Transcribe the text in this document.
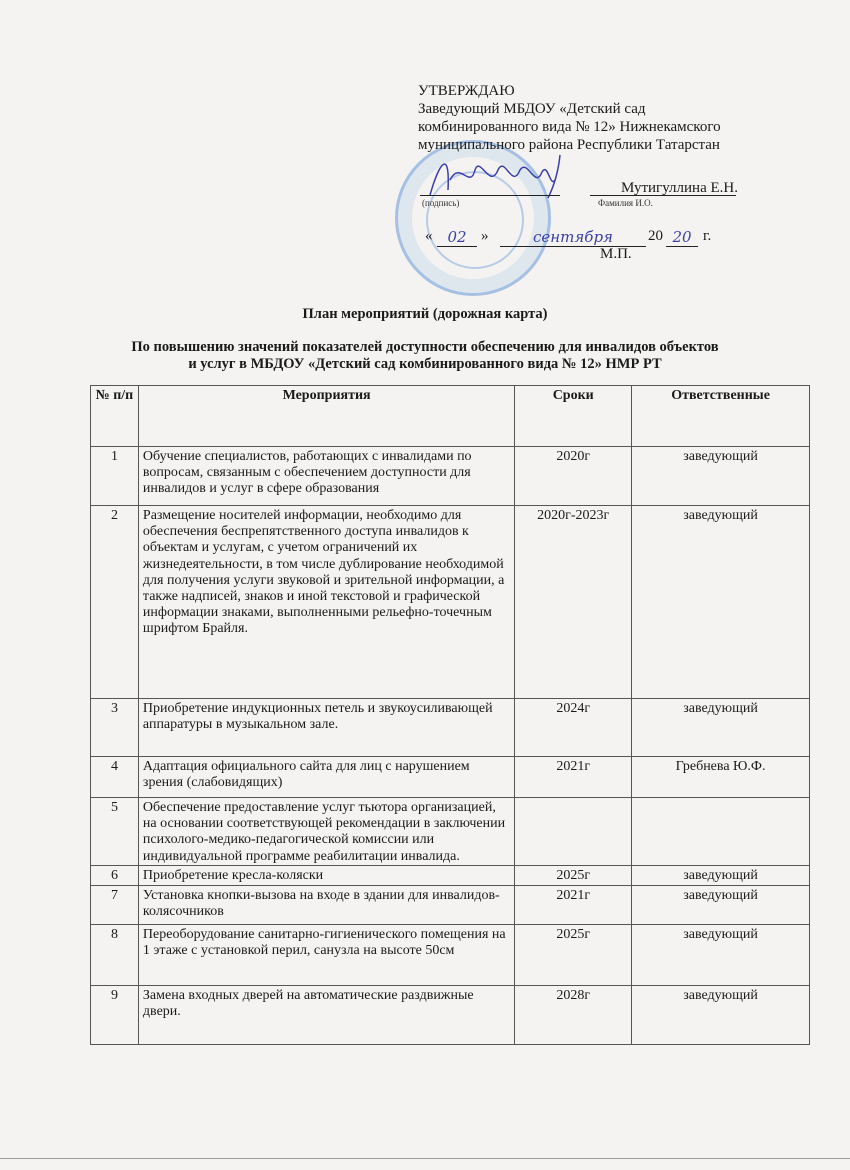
УТВЕРЖДАЮ
Заведующий МБДОУ «Детский сад
комбинированного вида № 12» Нижнекамского
муниципального района Республики Татарстан
(подпись)
Мутигуллина Е.Н.
Фамилия И.О.
« 02 »	сентября	20 20 г.
М.П.
План мероприятий (дорожная карта)
По повышению значений показателей доступности обеспечению для инвалидов объектов
и услуг в МБДОУ «Детский сад комбинированного вида № 12» НМР РТ
№ п/п	Мероприятия	Сроки	Ответственные
1	Обучение специалистов, работающих с инвалидами по вопросам, связанным с обеспечением доступности для инвалидов и услуг в сфере образования	2020г	заведующий
2	Размещение носителей информации, необходимо для обеспечения беспрепятственного доступа инвалидов к объектам и услугам, с учетом ограничений их жизнедеятельности, в том числе дублирование необходимой для получения услуги звуковой и зрительной информации, а также надписей, знаков и иной текстовой и графической информации знаками, выполненными рельефно-точечным шрифтом Брайля.	2020г-2023г	заведующий
3	Приобретение индукционных петель и звукоусиливающей аппаратуры в музыкальном зале.	2024г	заведующий
4	Адаптация официального сайта для лиц с нарушением зрения (слабовидящих)	2021г	Гребнева Ю.Ф.
5	Обеспечение предоставление услуг тьютора организацией, на основании соответствующей рекомендации в заключении психолого-медико-педагогической комиссии или индивидуальной программе реабилитации инвалида.		
6	Приобретение кресла-коляски	2025г	заведующий
7	Установка кнопки-вызова на входе в здании для инвалидов-колясочников	2021г	заведующий
8	Переоборудование санитарно-гигиенического помещения на 1 этаже с установкой перил, санузла на высоте 50см	2025г	заведующий
9	Замена входных дверей на автоматические раздвижные двери.	2028г	заведующий
